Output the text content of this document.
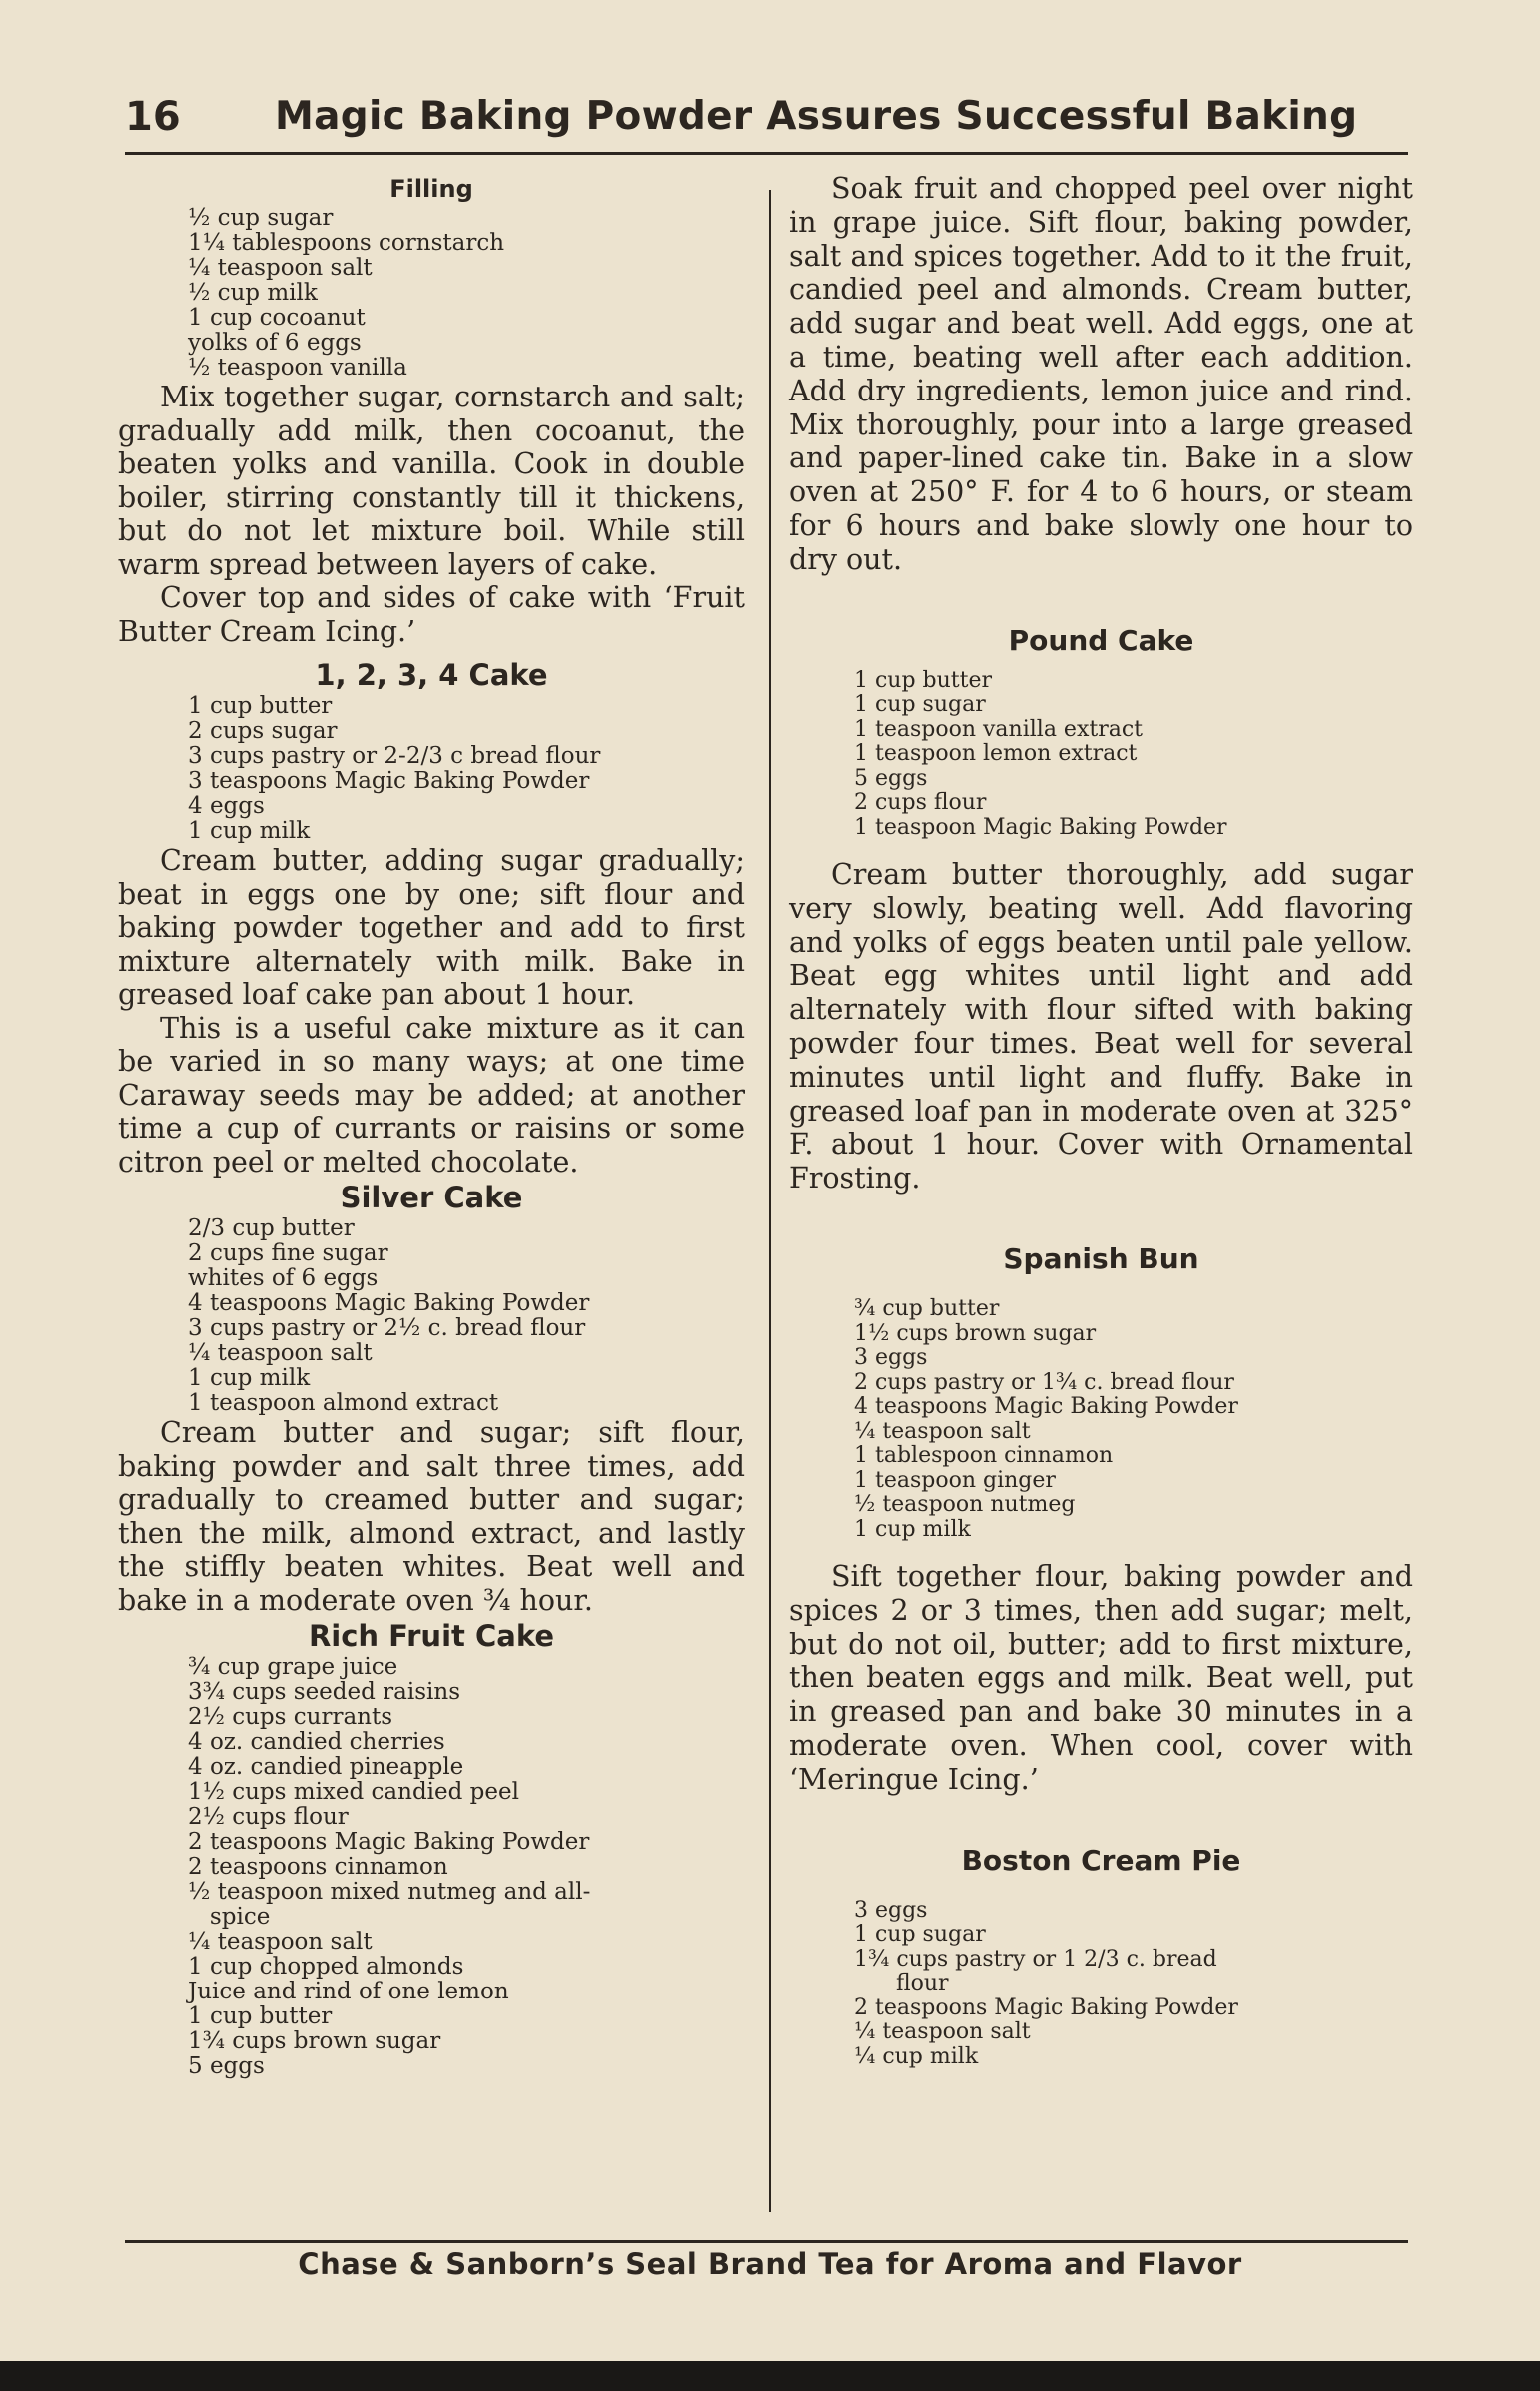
16 Magic Baking Powder Assures Successful Baking
Filling
½ cup sugar
1¼ tablespoons cornstarch
¼ teaspoon salt
½ cup milk
1 cup cocoanut
yolks of 6 eggs
½ teaspoon vanilla

Mix together sugar, cornstarch and salt; gradually add milk, then cocoanut, the beaten yolks and vanilla. Cook in double boiler, stirring constantly till it thickens, but do not let mixture boil. While still warm spread between layers of cake.

Cover top and sides of cake with ‘Fruit Butter Cream Icing.’

1, 2, 3, 4 Cake
1 cup butter
2 cups sugar
3 cups pastry or 2-2/3 c bread flour
3 teaspoons Magic Baking Powder
4 eggs
1 cup milk

Cream butter, adding sugar gradually; beat in eggs one by one; sift flour and baking powder together and add to first mixture alternately with milk. Bake in greased loaf cake pan about 1 hour.

This is a useful cake mixture as it can be varied in so many ways; at one time Caraway seeds may be added; at another time a cup of currants or raisins or some citron peel or melted chocolate.

Silver Cake
2/3 cup butter
2 cups fine sugar
whites of 6 eggs
4 teaspoons Magic Baking Powder
3 cups pastry or 2½ c. bread flour
¼ teaspoon salt
1 cup milk
1 teaspoon almond extract

Cream butter and sugar; sift flour, baking powder and salt three times, add gradually to creamed butter and sugar; then the milk, almond extract, and lastly the stiffly beaten whites. Beat well and bake in a moderate oven ¾ hour.

Rich Fruit Cake
¾ cup grape juice
3¾ cups seeded raisins
2½ cups currants
4 oz. candied cherries
4 oz. candied pineapple
1½ cups mixed candied peel
2½ cups flour
2 teaspoons Magic Baking Powder
2 teaspoons cinnamon
½ teaspoon mixed nutmeg and all-
spice
¼ teaspoon salt
1 cup chopped almonds
Juice and rind of one lemon
1 cup butter
1¾ cups brown sugar
5 eggs

Soak fruit and chopped peel over night in grape juice. Sift flour, baking powder, salt and spices together. Add to it the fruit, candied peel and almonds. Cream butter, add sugar and beat well. Add eggs, one at a time, beating well after each addition. Add dry ingredients, lemon juice and rind. Mix thoroughly, pour into a large greased and paper-lined cake tin. Bake in a slow oven at 250° F. for 4 to 6 hours, or steam for 6 hours and bake slowly one hour to dry out.

Pound Cake
1 cup butter
1 cup sugar
1 teaspoon vanilla extract
1 teaspoon lemon extract
5 eggs
2 cups flour
1 teaspoon Magic Baking Powder

Cream butter thoroughly, add sugar very slowly, beating well. Add flavoring and yolks of eggs beaten until pale yellow. Beat egg whites until light and add alternately with flour sifted with baking powder four times. Beat well for several minutes until light and fluffy. Bake in greased loaf pan in moderate oven at 325° F. about 1 hour. Cover with Ornamental Frosting.

Spanish Bun
¾ cup butter
1½ cups brown sugar
3 eggs
2 cups pastry or 1¾ c. bread flour
4 teaspoons Magic Baking Powder
¼ teaspoon salt
1 tablespoon cinnamon
1 teaspoon ginger
½ teaspoon nutmeg
1 cup milk

Sift together flour, baking powder and spices 2 or 3 times, then add sugar; melt, but do not oil, butter; add to first mixture, then beaten eggs and milk. Beat well, put in greased pan and bake 30 minutes in a moderate oven. When cool, cover with ‘Meringue Icing.’

Boston Cream Pie
3 eggs
1 cup sugar
1¾ cups pastry or 1 2/3 c. bread
flour
2 teaspoons Magic Baking Powder
¼ teaspoon salt
¼ cup milk
Chase & Sanborn’s Seal Brand Tea for Aroma and Flavor
